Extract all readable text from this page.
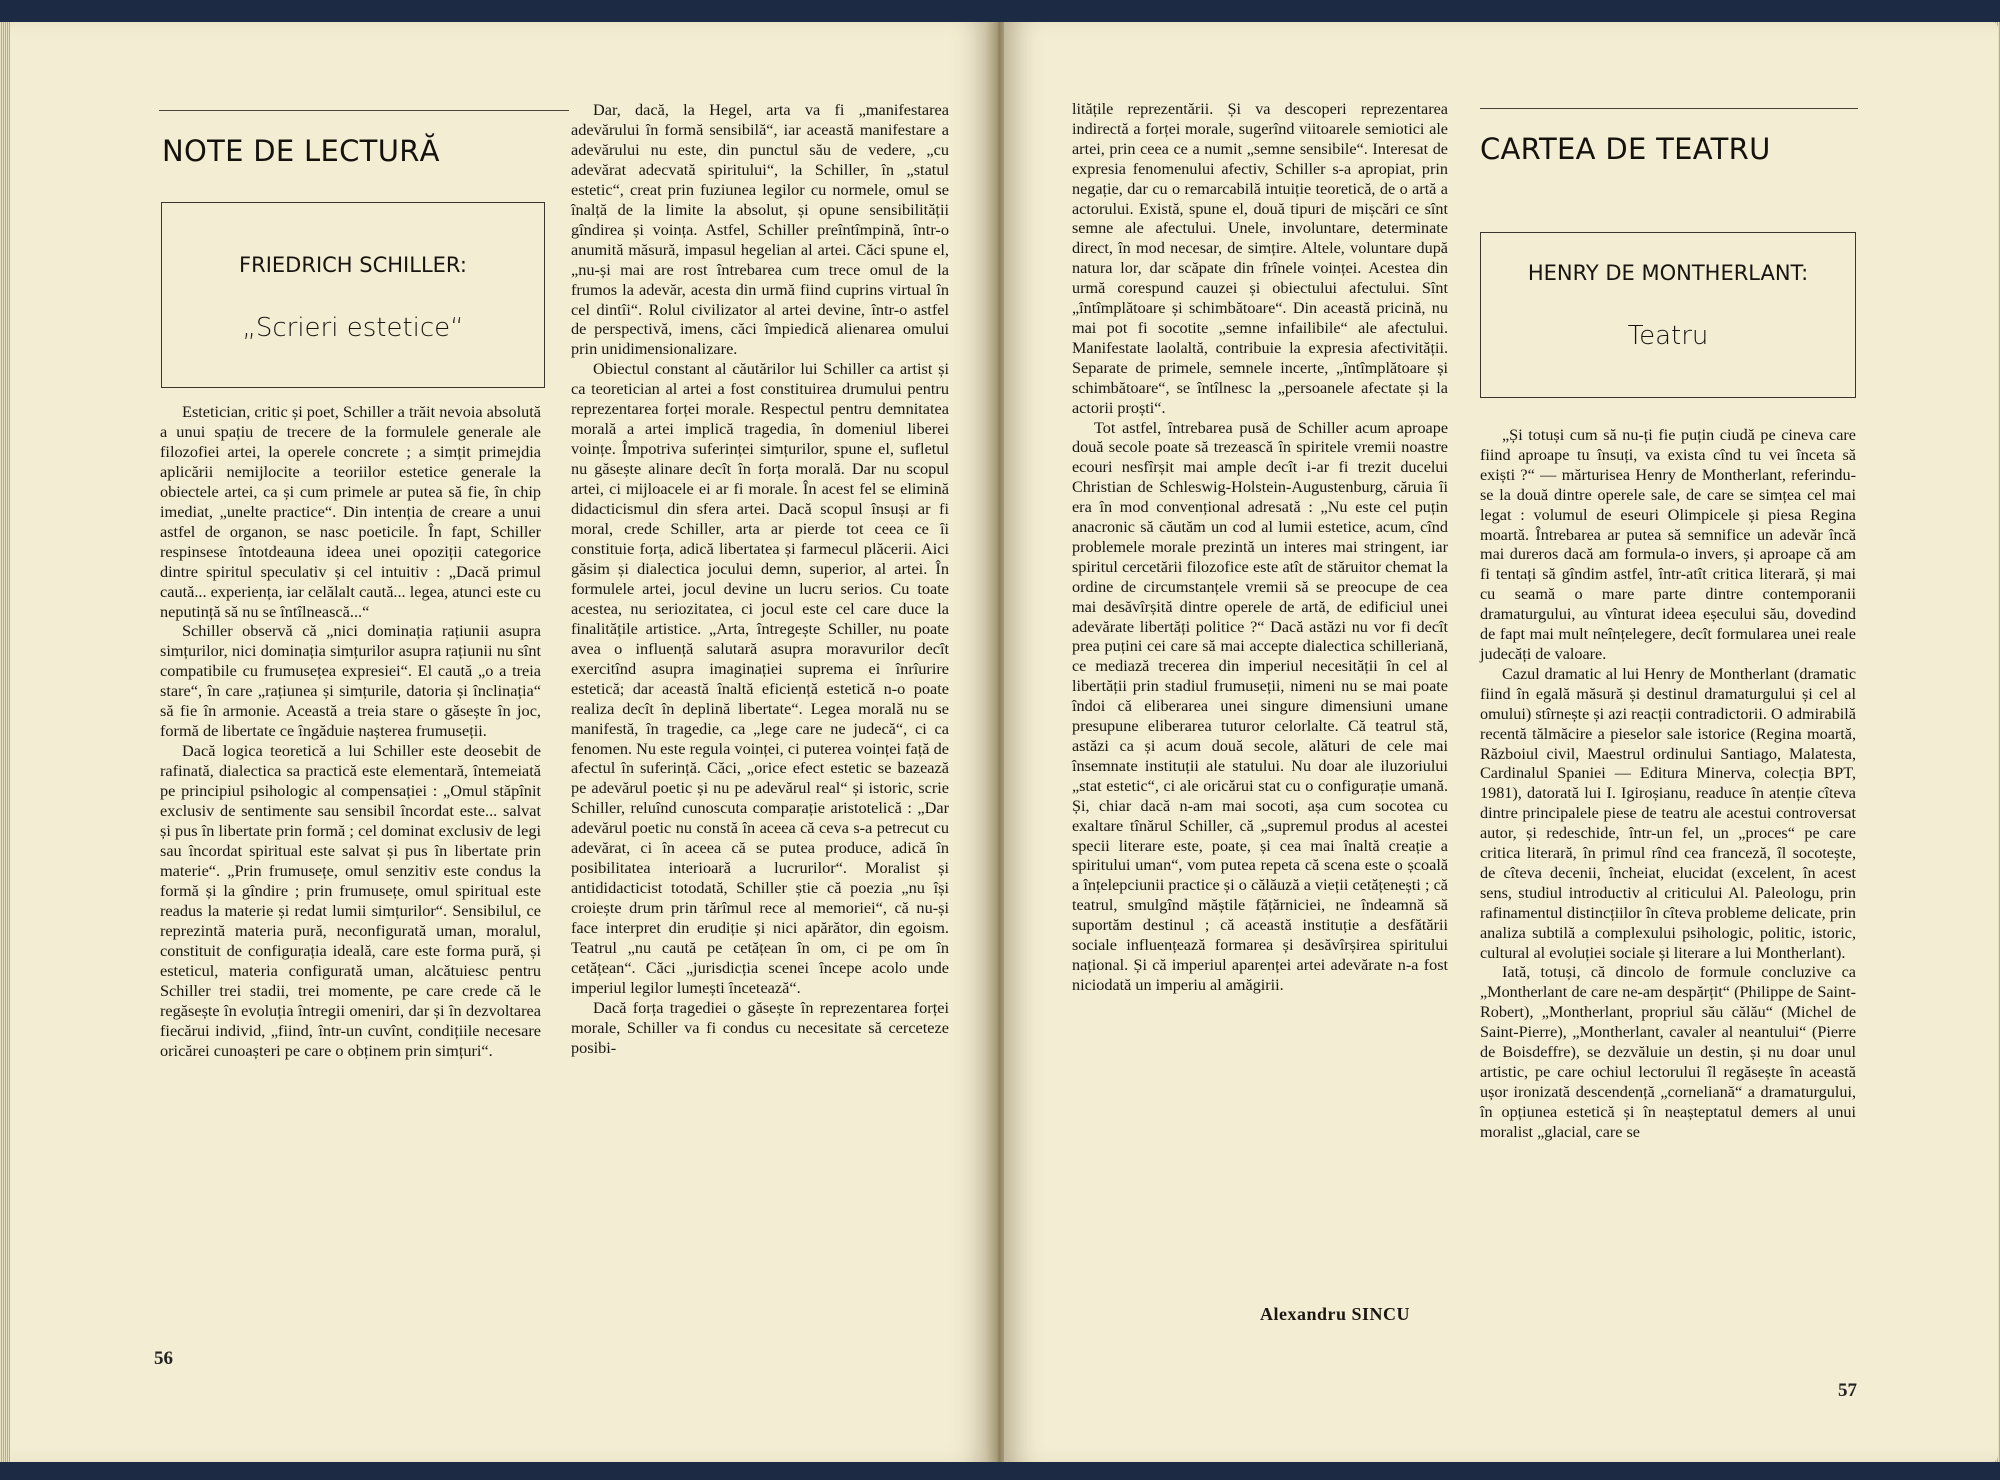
NOTE DE LECTURĂ
FRIEDRICH SCHILLER:
„Scrieri estetice“

Estetician, critic și poet, Schiller a trăit nevoia absolută a unui spațiu de trecere de la formulele generale ale filozofiei artei, la operele concrete ; a simțit primejdia aplicării nemijlocite a teoriilor estetice generale la obiectele artei, ca și cum primele ar putea să fie, în chip imediat, „unelte practice“. Din intenția de creare a unui astfel de organon, se nasc poeticile. În fapt, Schiller respinsese întotdeauna ideea unei opoziții categorice dintre spiritul speculativ și cel intuitiv : „Dacă primul caută... experiența, iar celălalt caută... legea, atunci este cu neputință să nu se întîlnească...“

Schiller observă că „nici dominația rațiunii asupra simțurilor, nici dominația simțurilor asupra rațiunii nu sînt compatibile cu frumusețea expresiei“. El caută „o a treia stare“, în care „rațiunea și simțurile, datoria și înclinația“ să fie în armonie. Această a treia stare o găsește în joc, formă de libertate ce îngăduie nașterea frumuseții.

Dacă logica teoretică a lui Schiller este deosebit de rafinată, dialectica sa practică este elementară, întemeiată pe principiul psihologic al compensației : „Omul stăpînit exclusiv de sentimente sau sensibil încordat este... salvat și pus în libertate prin formă ; cel dominat exclusiv de legi sau încordat spiritual este salvat și pus în libertate prin materie“. „Prin frumusețe, omul senzitiv este condus la formă și la gîndire ; prin frumusețe, omul spiritual este readus la materie și redat lumii simțurilor“. Sensibilul, ce reprezintă materia pură, neconfigurată uman, moralul, constituit de configurația ideală, care este forma pură, și esteticul, materia configurată uman, alcătuiesc pentru Schiller trei stadii, trei momente, pe care crede că le regăsește în evoluția întregii omeniri, dar și în dezvoltarea fiecărui individ, „fiind, într-un cuvînt, condițiile necesare oricărei cunoașteri pe care o obținem prin simțuri“.

Dar, dacă, la Hegel, arta va fi „manifestarea adevărului în formă sensibilă“, iar această manifestare a adevărului nu este, din punctul său de vedere, „cu adevărat adecvată spiritului“, la Schiller, în „statul estetic“, creat prin fuziunea legilor cu normele, omul se înalță de la limite la absolut, și opune sensibilității gîndirea și voința. Astfel, Schiller preîntîmpină, într-o anumită măsură, impasul hegelian al artei. Căci spune el, „nu-și mai are rost întrebarea cum trece omul de la frumos la adevăr, acesta din urmă fiind cuprins virtual în cel dintîi“. Rolul civilizator al artei devine, într-o astfel de perspectivă, imens, căci împiedică alienarea omului prin unidimensionalizare.

Obiectul constant al căutărilor lui Schiller ca artist și ca teoretician al artei a fost constituirea drumului pentru reprezentarea forței morale. Respectul pentru demnitatea morală a artei implică tragedia, în domeniul liberei voințe. Împotriva suferinței simțurilor, spune el, sufletul nu găsește alinare decît în forța morală. Dar nu scopul artei, ci mijloacele ei ar fi morale. În acest fel se elimină didacticismul din sfera artei. Dacă scopul însuși ar fi moral, crede Schiller, arta ar pierde tot ceea ce îi constituie forța, adică libertatea și farmecul plăcerii. Aici găsim și dialectica jocului demn, superior, al artei. În formulele artei, jocul devine un lucru serios. Cu toate acestea, nu seriozitatea, ci jocul este cel care duce la finalitățile artistice. „Arta, întregește Schiller, nu poate avea o influență salutară asupra moravurilor decît exercitînd asupra imaginației suprema ei înrîurire estetică; dar această înaltă eficiență estetică n-o poate realiza decît în deplină libertate“. Legea morală nu se manifestă, în tragedie, ca „lege care ne judecă“, ci ca fenomen. Nu este regula voinței, ci puterea voinței față de afectul în suferință. Căci, „orice efect estetic se bazează pe adevărul poetic și nu pe adevărul real“ și istoric, scrie Schiller, reluînd cunoscuta comparație aristotelică : „Dar adevărul poetic nu constă în aceea că ceva s-a petrecut cu adevărat, ci în aceea că se putea produce, adică în posibilitatea interioară a lucrurilor“. Moralist și antididacticist totodată, Schiller știe că poezia „nu își croiește drum prin tărîmul rece al memoriei“, că nu-și face interpret din erudiție și nici apărător, din egoism. Teatrul „nu caută pe cetățean în om, ci pe om în cetățean“. Căci „jurisdicția scenei începe acolo unde imperiul legilor lumești încetează“.

Dacă forța tragediei o găsește în reprezentarea forței morale, Schiller va fi condus cu necesitate să cerceteze posibi-

56

litățile reprezentării. Și va descoperi reprezentarea indirectă a forței morale, sugerînd viitoarele semiotici ale artei, prin ceea ce a numit „semne sensibile“. Interesat de expresia fenomenului afectiv, Schiller s-a apropiat, prin negație, dar cu o remarcabilă intuiție teoretică, de o artă a actorului. Există, spune el, două tipuri de mișcări ce sînt semne ale afectului. Unele, involuntare, determinate direct, în mod necesar, de simțire. Altele, voluntare după natura lor, dar scăpate din frînele voinței. Acestea din urmă corespund cauzei și obiectului afectului. Sînt „întîmplătoare și schimbătoare“. Din această pricină, nu mai pot fi socotite „semne infailibile“ ale afectului. Manifestate laolaltă, contribuie la expresia afectivității. Separate de primele, semnele incerte, „întîmplătoare și schimbătoare“, se întîlnesc la „persoanele afectate și la actorii proști“.

Tot astfel, întrebarea pusă de Schiller acum aproape două secole poate să trezească în spiritele vremii noastre ecouri nesfîrșit mai ample decît i-ar fi trezit ducelui Christian de Schleswig-Holstein-Augustenburg, căruia îi era în mod convențional adresată : „Nu este cel puțin anacronic să căutăm un cod al lumii estetice, acum, cînd problemele morale prezintă un interes mai stringent, iar spiritul cercetării filozofice este atît de stăruitor chemat la ordine de circumstanțele vremii să se preocupe de cea mai desăvîrșită dintre operele de artă, de edificiul unei adevărate libertăți politice ?“ Dacă astăzi nu vor fi decît prea puțini cei care să mai accepte dialectica schilleriană, ce mediază trecerea din imperiul necesității în cel al libertății prin stadiul frumuseții, nimeni nu se mai poate îndoi că eliberarea unei singure dimensiuni umane presupune eliberarea tuturor celorlalte. Că teatrul stă, astăzi ca și acum două secole, alături de cele mai însemnate instituții ale statului. Nu doar ale iluzoriului „stat estetic“, ci ale oricărui stat cu o configurație umană. Și, chiar dacă n-am mai socoti, așa cum socotea cu exaltare tînărul Schiller, că „supremul produs al acestei specii literare este, poate, și cea mai înaltă creație a spiritului uman“, vom putea repeta că scena este o școală a înțelepciunii practice și o călăuză a vieții cetățenești ; că teatrul, smulgînd măștile fățărniciei, ne îndeamnă să suportăm destinul ; că această instituție a desfătării sociale influențează formarea și desăvîrșirea spiritului național. Și că imperiul aparenței artei adevărate n-a fost niciodată un imperiu al amăgirii.

Alexandru SINCU
CARTEA DE TEATRU
HENRY DE MONTHERLANT:
Teatru

„Și totuși cum să nu-ți fie puțin ciudă pe cineva care fiind aproape tu însuți, va exista cînd tu vei înceta să exiști ?“ — mărturisea Henry de Montherlant, referindu-se la două dintre operele sale, de care se simțea cel mai legat : volumul de eseuri Olimpicele și piesa Regina moartă. Întrebarea ar putea să semnifice un adevăr încă mai dureros dacă am formula-o invers, și aproape că am fi tentați să gîndim astfel, într-atît critica literară, și mai cu seamă o mare parte dintre contemporanii dramaturgului, au vînturat ideea eșecului său, dovedind de fapt mai mult neînțelegere, decît formularea unei reale judecăți de valoare.

Cazul dramatic al lui Henry de Montherlant (dramatic fiind în egală măsură și destinul dramaturgului și cel al omului) stîrnește și azi reacții contradictorii. O admirabilă recentă tălmăcire a pieselor sale istorice (Regina moartă, Războiul civil, Maestrul ordinului Santiago, Malatesta, Cardinalul Spaniei — Editura Minerva, colecția BPT, 1981), datorată lui I. Igiroșianu, readuce în atenție cîteva dintre principalele piese de teatru ale acestui controversat autor, și redeschide, într-un fel, un „proces“ pe care critica literară, în primul rînd cea franceză, îl socotește, de cîteva decenii, încheiat, elucidat (excelent, în acest sens, studiul introductiv al criticului Al. Paleologu, prin rafinamentul distincțiilor în cîteva probleme delicate, prin analiza subtilă a complexului psihologic, politic, istoric, cultural al evoluției sociale și literare a lui Montherlant).

Iată, totuși, că dincolo de formule concluzive ca „Montherlant de care ne-am despărțit“ (Philippe de Saint-Robert), „Montherlant, propriul său călău“ (Michel de Saint-Pierre), „Montherlant, cavaler al neantului“ (Pierre de Boisdeffre), se dezvăluie un destin, și nu doar unul artistic, pe care ochiul lectorului îl regăsește în această ușor ironizată descendență „corneliană“ a dramaturgului, în opțiunea estetică și în neașteptatul demers al unui moralist „glacial, care se

57
